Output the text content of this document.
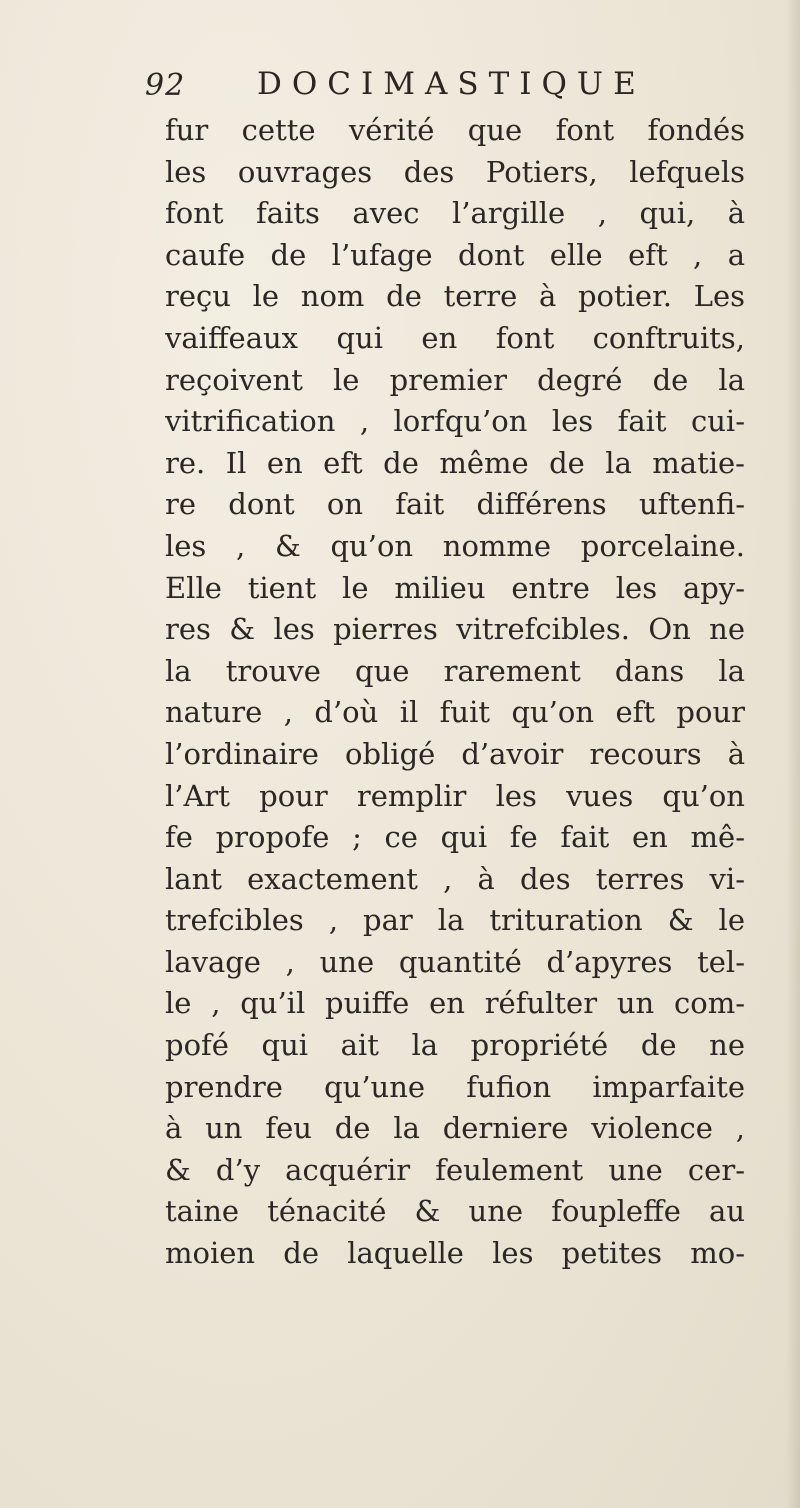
92 DOCIMASTIQUE
fur cette vérité que font fondés
les ouvrages des Potiers, lefquels
font faits avec l’argille , qui, à
caufe de l’ufage dont elle eft , a
reçu le nom de terre à potier. Les
vaiffeaux qui en font conftruits,
reçoivent le premier degré de la
vitrification , lorfqu’on les fait cui-
re. Il en eft de même de la matie-
re dont on fait différens uftenfi-
les , & qu’on nomme porcelaine.
Elle tient le milieu entre les apy-
res & les pierres vitrefcibles. On ne
la trouve que rarement dans la
nature , d’où il fuit qu’on eft pour
l’ordinaire obligé d’avoir recours à
l’Art pour remplir les vues qu’on
fe propofe ; ce qui fe fait en mê-
lant exactement , à des terres vi-
trefcibles , par la trituration & le
lavage , une quantité d’apyres tel-
le , qu’il puiffe en réfulter un com-
pofé qui ait la propriété de ne
prendre qu’une fufion imparfaite
à un feu de la derniere violence ,
& d’y acquérir feulement une cer-
taine ténacité & une foupleffe au
moien de laquelle les petites mo-
